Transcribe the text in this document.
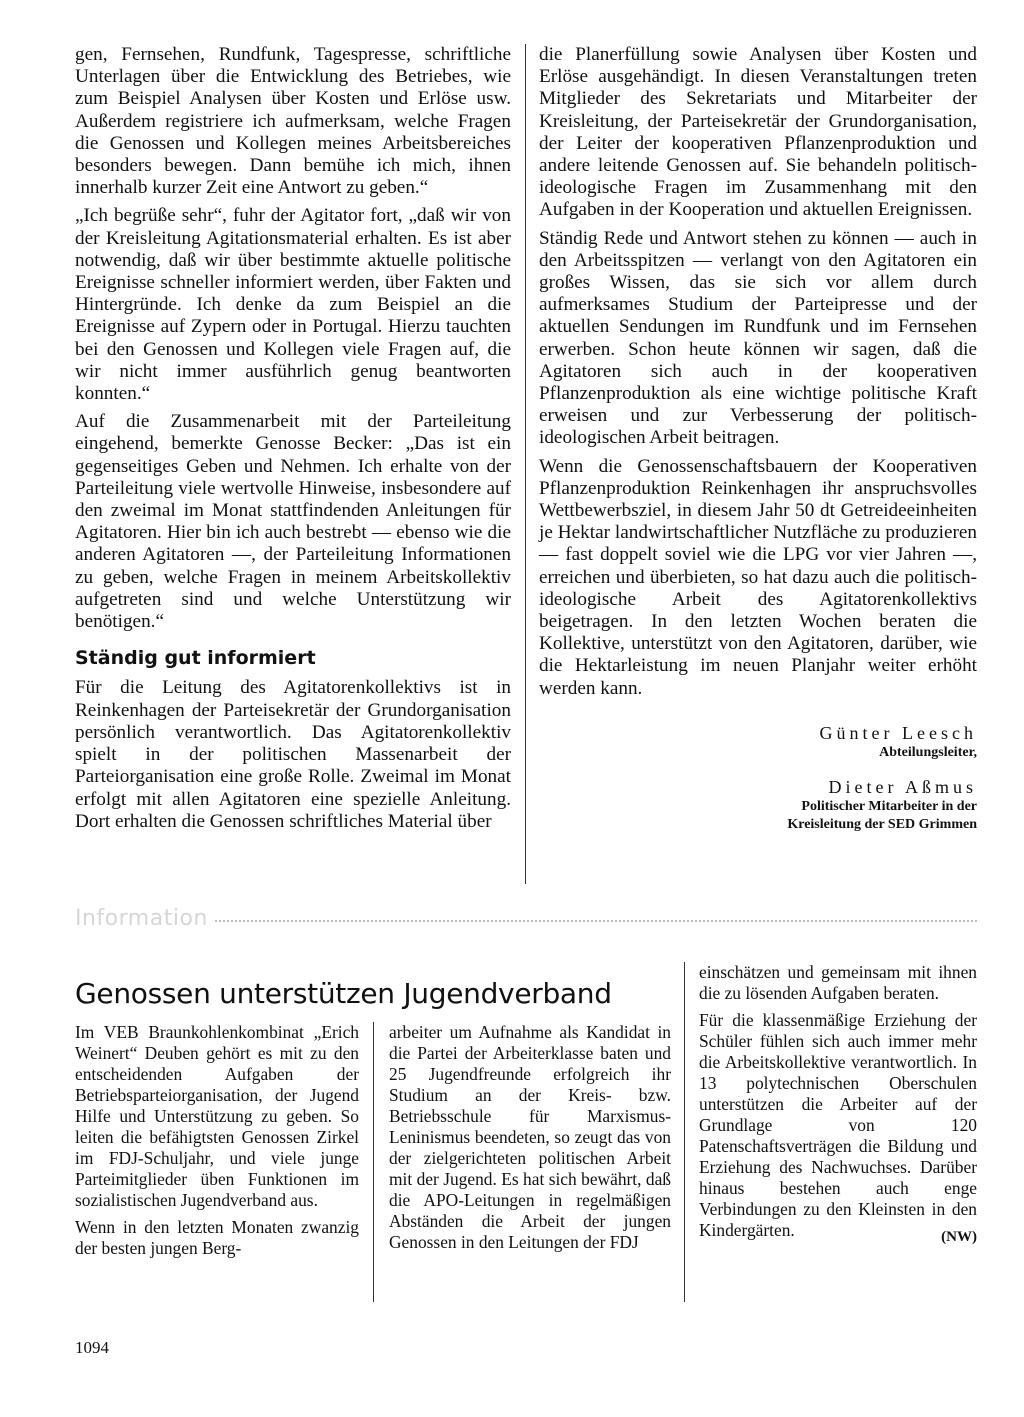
gen, Fernsehen, Rundfunk, Tagespresse, schriftliche Unterlagen über die Entwicklung des Betriebes, wie zum Beispiel Analysen über Kosten und Erlöse usw. Außerdem registriere ich aufmerksam, welche Fragen die Genossen und Kollegen meines Arbeitsbereiches besonders bewegen. Dann bemühe ich mich, ihnen innerhalb kurzer Zeit eine Antwort zu geben.“

„Ich begrüße sehr“, fuhr der Agitator fort, „daß wir von der Kreisleitung Agitationsmaterial erhalten. Es ist aber notwendig, daß wir über bestimmte aktuelle politische Ereignisse schneller informiert werden, über Fakten und Hintergründe. Ich denke da zum Beispiel an die Ereignisse auf Zypern oder in Portugal. Hierzu tauchten bei den Genossen und Kollegen viele Fragen auf, die wir nicht immer ausführlich genug beantworten konnten.“

Auf die Zusammenarbeit mit der Parteileitung eingehend, bemerkte Genosse Becker: „Das ist ein gegenseitiges Geben und Nehmen. Ich erhalte von der Parteileitung viele wertvolle Hinweise, insbesondere auf den zweimal im Monat stattfindenden Anleitungen für Agitatoren. Hier bin ich auch bestrebt — ebenso wie die anderen Agitatoren —, der Parteileitung Informationen zu geben, welche Fragen in meinem Arbeitskollektiv aufgetreten sind und welche Unterstützung wir benötigen.“

Ständig gut informiert

Für die Leitung des Agitatorenkollektivs ist in Reinkenhagen der Parteisekretär der Grundorganisation persönlich verantwortlich. Das Agitatorenkollektiv spielt in der politischen Massenarbeit der Parteiorganisation eine große Rolle. Zweimal im Monat erfolgt mit allen Agitatoren eine spezielle Anleitung. Dort erhalten die Genossen schriftliches Material über

die Planerfüllung sowie Analysen über Kosten und Erlöse ausgehändigt. In diesen Veranstaltungen treten Mitglieder des Sekretariats und Mitarbeiter der Kreisleitung, der Parteisekretär der Grundorganisation, der Leiter der kooperativen Pflanzenproduktion und andere leitende Genossen auf. Sie behandeln politisch-ideologische Fragen im Zusammenhang mit den Aufgaben in der Kooperation und aktuellen Ereignissen.

Ständig Rede und Antwort stehen zu können — auch in den Arbeitsspitzen — verlangt von den Agitatoren ein großes Wissen, das sie sich vor allem durch aufmerksames Studium der Parteipresse und der aktuellen Sendungen im Rundfunk und im Fernsehen erwerben. Schon heute können wir sagen, daß die Agitatoren sich auch in der kooperativen Pflanzenproduktion als eine wichtige politische Kraft erweisen und zur Verbesserung der politisch-ideologischen Arbeit beitragen.

Wenn die Genossenschaftsbauern der Kooperativen Pflanzenproduktion Reinkenhagen ihr anspruchsvolles Wettbewerbsziel, in diesem Jahr 50 dt Getreideeinheiten je Hektar landwirtschaftlicher Nutzfläche zu produzieren — fast doppelt soviel wie die LPG vor vier Jahren —, erreichen und überbieten, so hat dazu auch die politisch-ideologische Arbeit des Agitatorenkollektivs beigetragen. In den letzten Wochen beraten die Kollektive, unterstützt von den Agitatoren, darüber, wie die Hektarleistung im neuen Planjahr weiter erhöht werden kann.

Günter Leesch
Abteilungsleiter,
Dieter Aßmus
Politischer Mitarbeiter in der
Kreisleitung der SED Grimmen
Information
Genossen unterstützen Jugendverband

Im VEB Braunkohlenkombinat „Erich Weinert“ Deuben gehört es mit zu den entscheidenden Aufgaben der Betriebsparteiorganisation, der Jugend Hilfe und Unterstützung zu geben. So leiten die befähigtsten Genossen Zirkel im FDJ-Schuljahr, und viele junge Parteimitglieder üben Funktionen im sozialistischen Jugendverband aus.

Wenn in den letzten Monaten zwanzig der besten jungen Berg-

arbeiter um Aufnahme als Kandidat in die Partei der Arbeiterklasse baten und 25 Jugendfreunde erfolgreich ihr Studium an der Kreis- bzw. Betriebsschule für Marxismus-Leninismus beendeten, so zeugt das von der zielgerichteten politischen Arbeit mit der Jugend. Es hat sich bewährt, daß die APO-Leitungen in regelmäßigen Abständen die Arbeit der jungen Genossen in den Leitungen der FDJ

einschätzen und gemeinsam mit ihnen die zu lösenden Aufgaben beraten.

Für die klassenmäßige Erziehung der Schüler fühlen sich auch immer mehr die Arbeitskollektive verantwortlich. In 13 polytechnischen Oberschulen unterstützen die Arbeiter auf der Grundlage von 120 Patenschaftsverträgen die Bildung und Erziehung des Nachwuchses. Darüber hinaus bestehen auch enge Verbindungen zu den Kleinsten in den Kindergärten.	(NW)
1094
